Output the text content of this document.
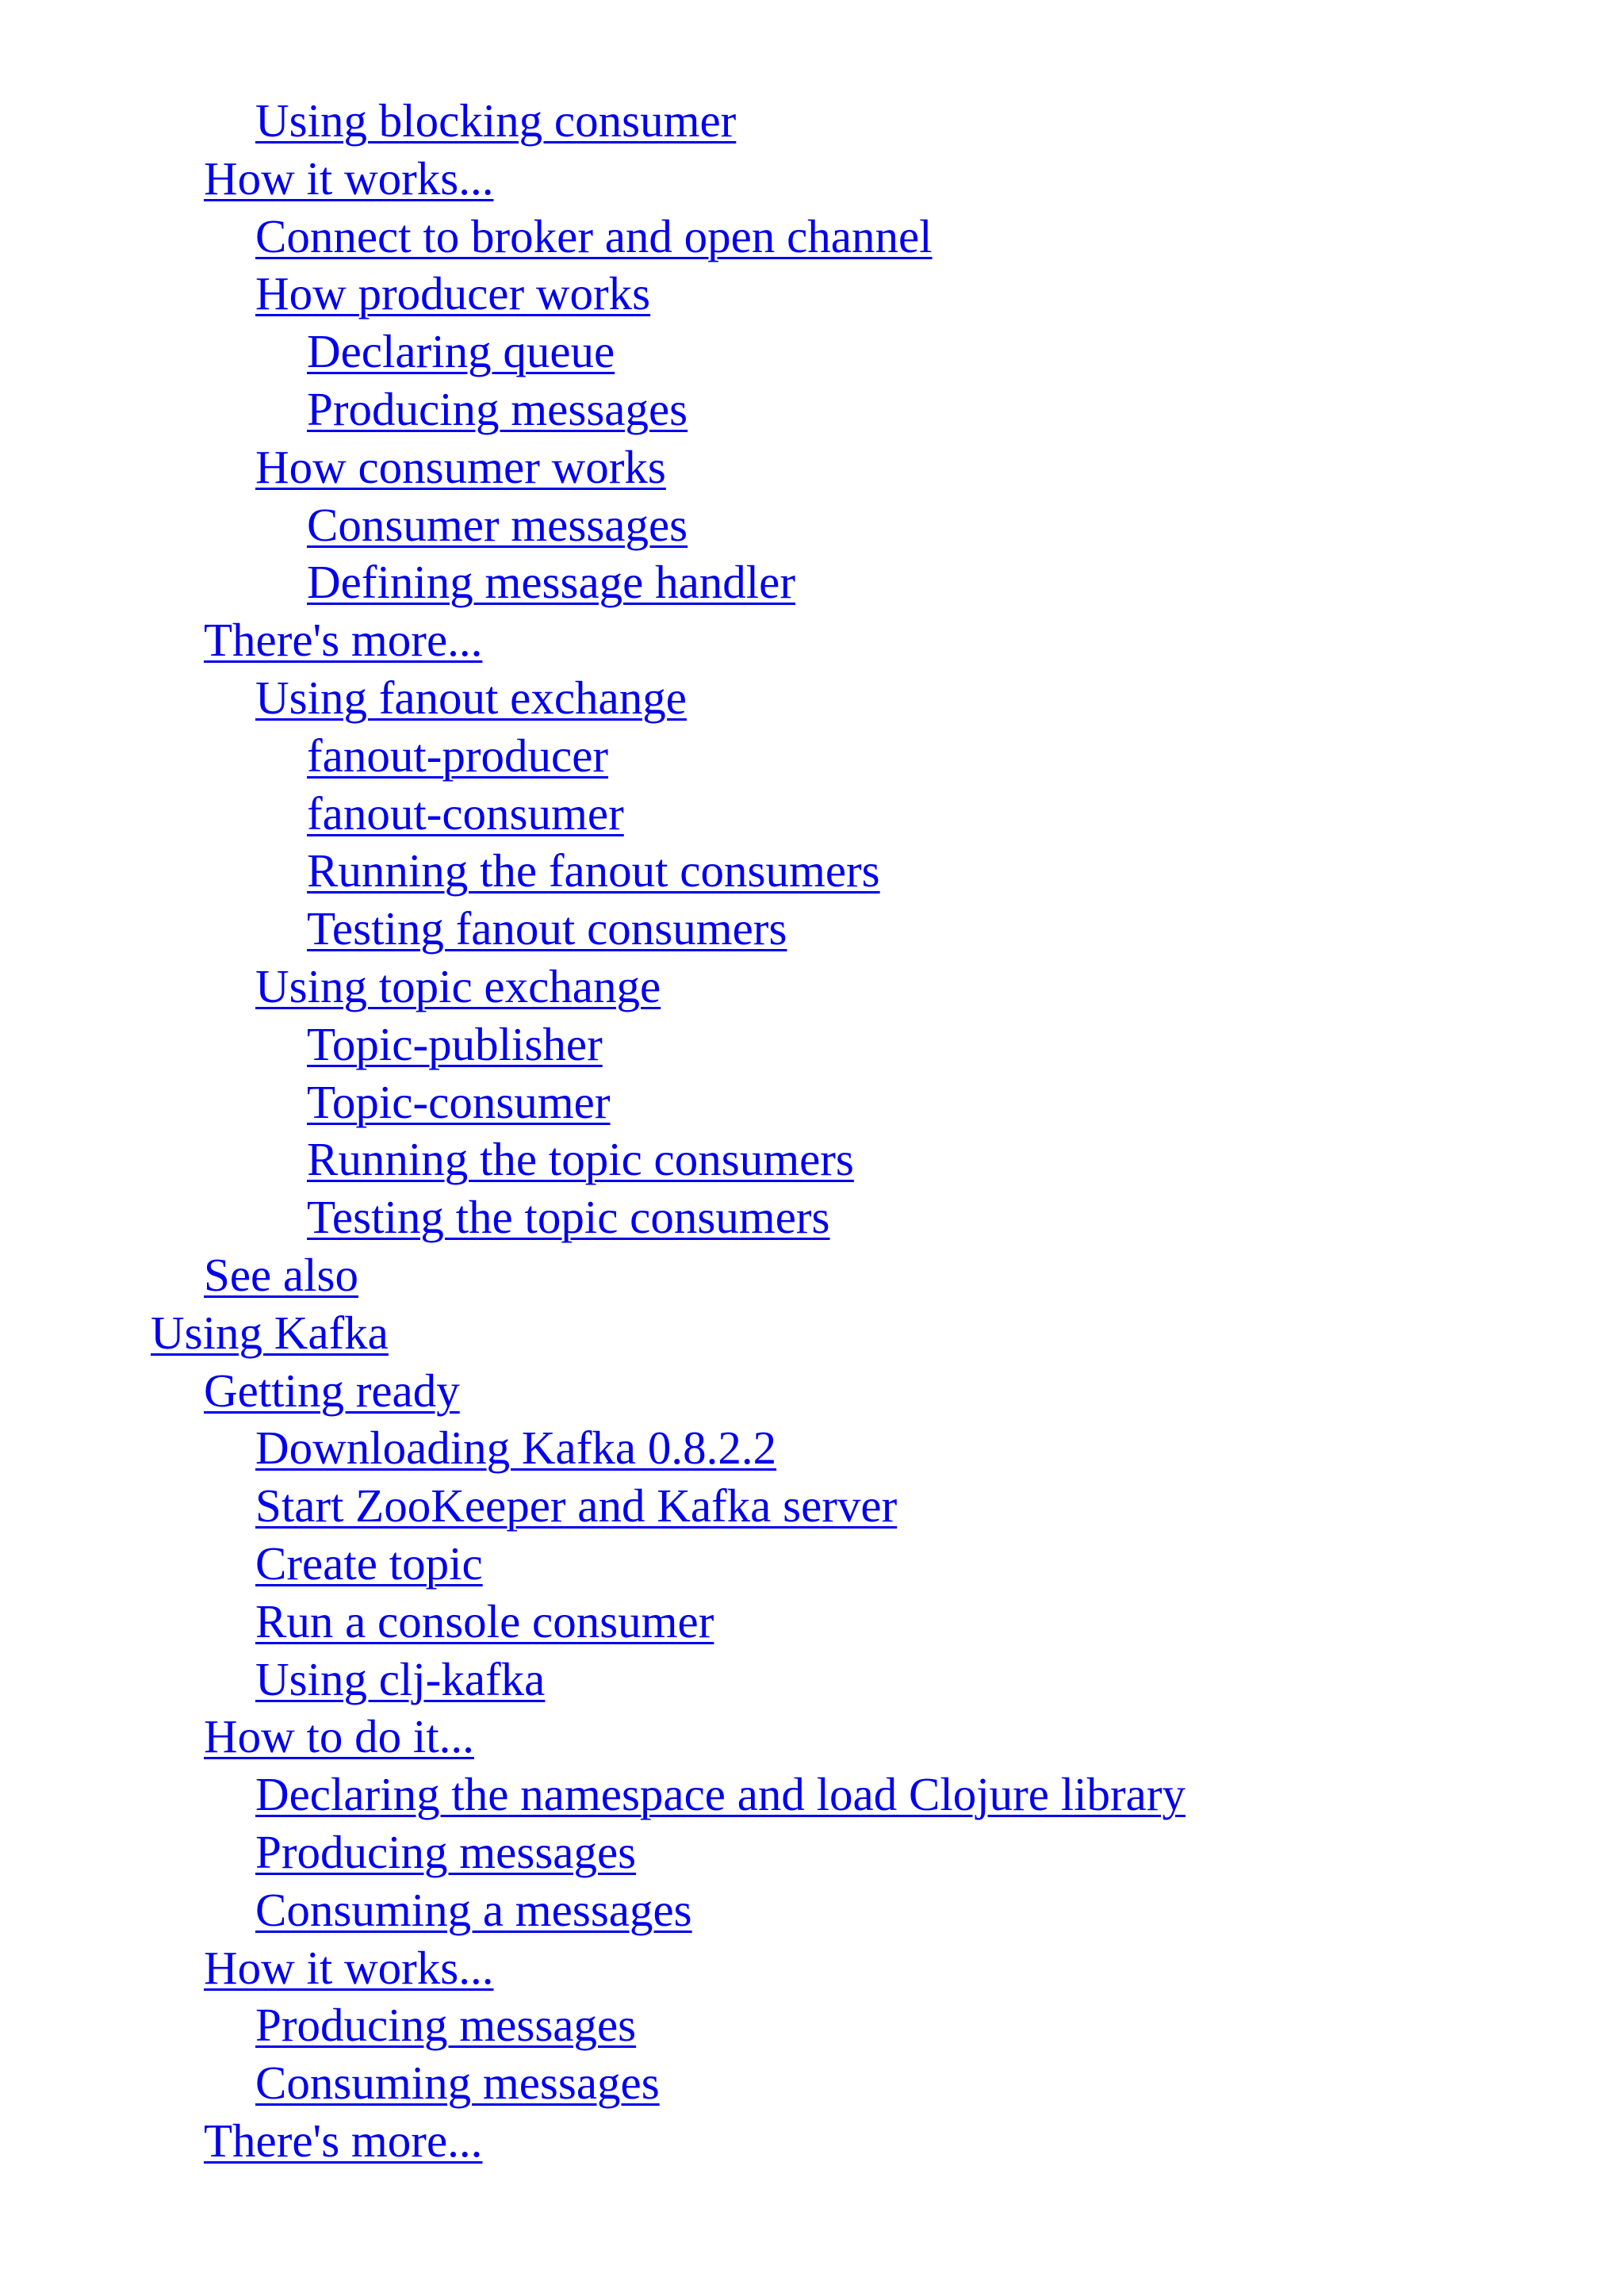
Using blocking consumer
How it works...
Connect to broker and open channel
How producer works
Declaring queue
Producing messages
How consumer works
Consumer messages
Defining message handler
There's more...
Using fanout exchange
fanout-producer
fanout-consumer
Running the fanout consumers
Testing fanout consumers
Using topic exchange
Topic-publisher
Topic-consumer
Running the topic consumers
Testing the topic consumers
See also
Using Kafka
Getting ready
Downloading Kafka 0.8.2.2
Start ZooKeeper and Kafka server
Create topic
Run a console consumer
Using clj-kafka
How to do it...
Declaring the namespace and load Clojure library
Producing messages
Consuming a messages
How it works...
Producing messages
Consuming messages
There's more...
